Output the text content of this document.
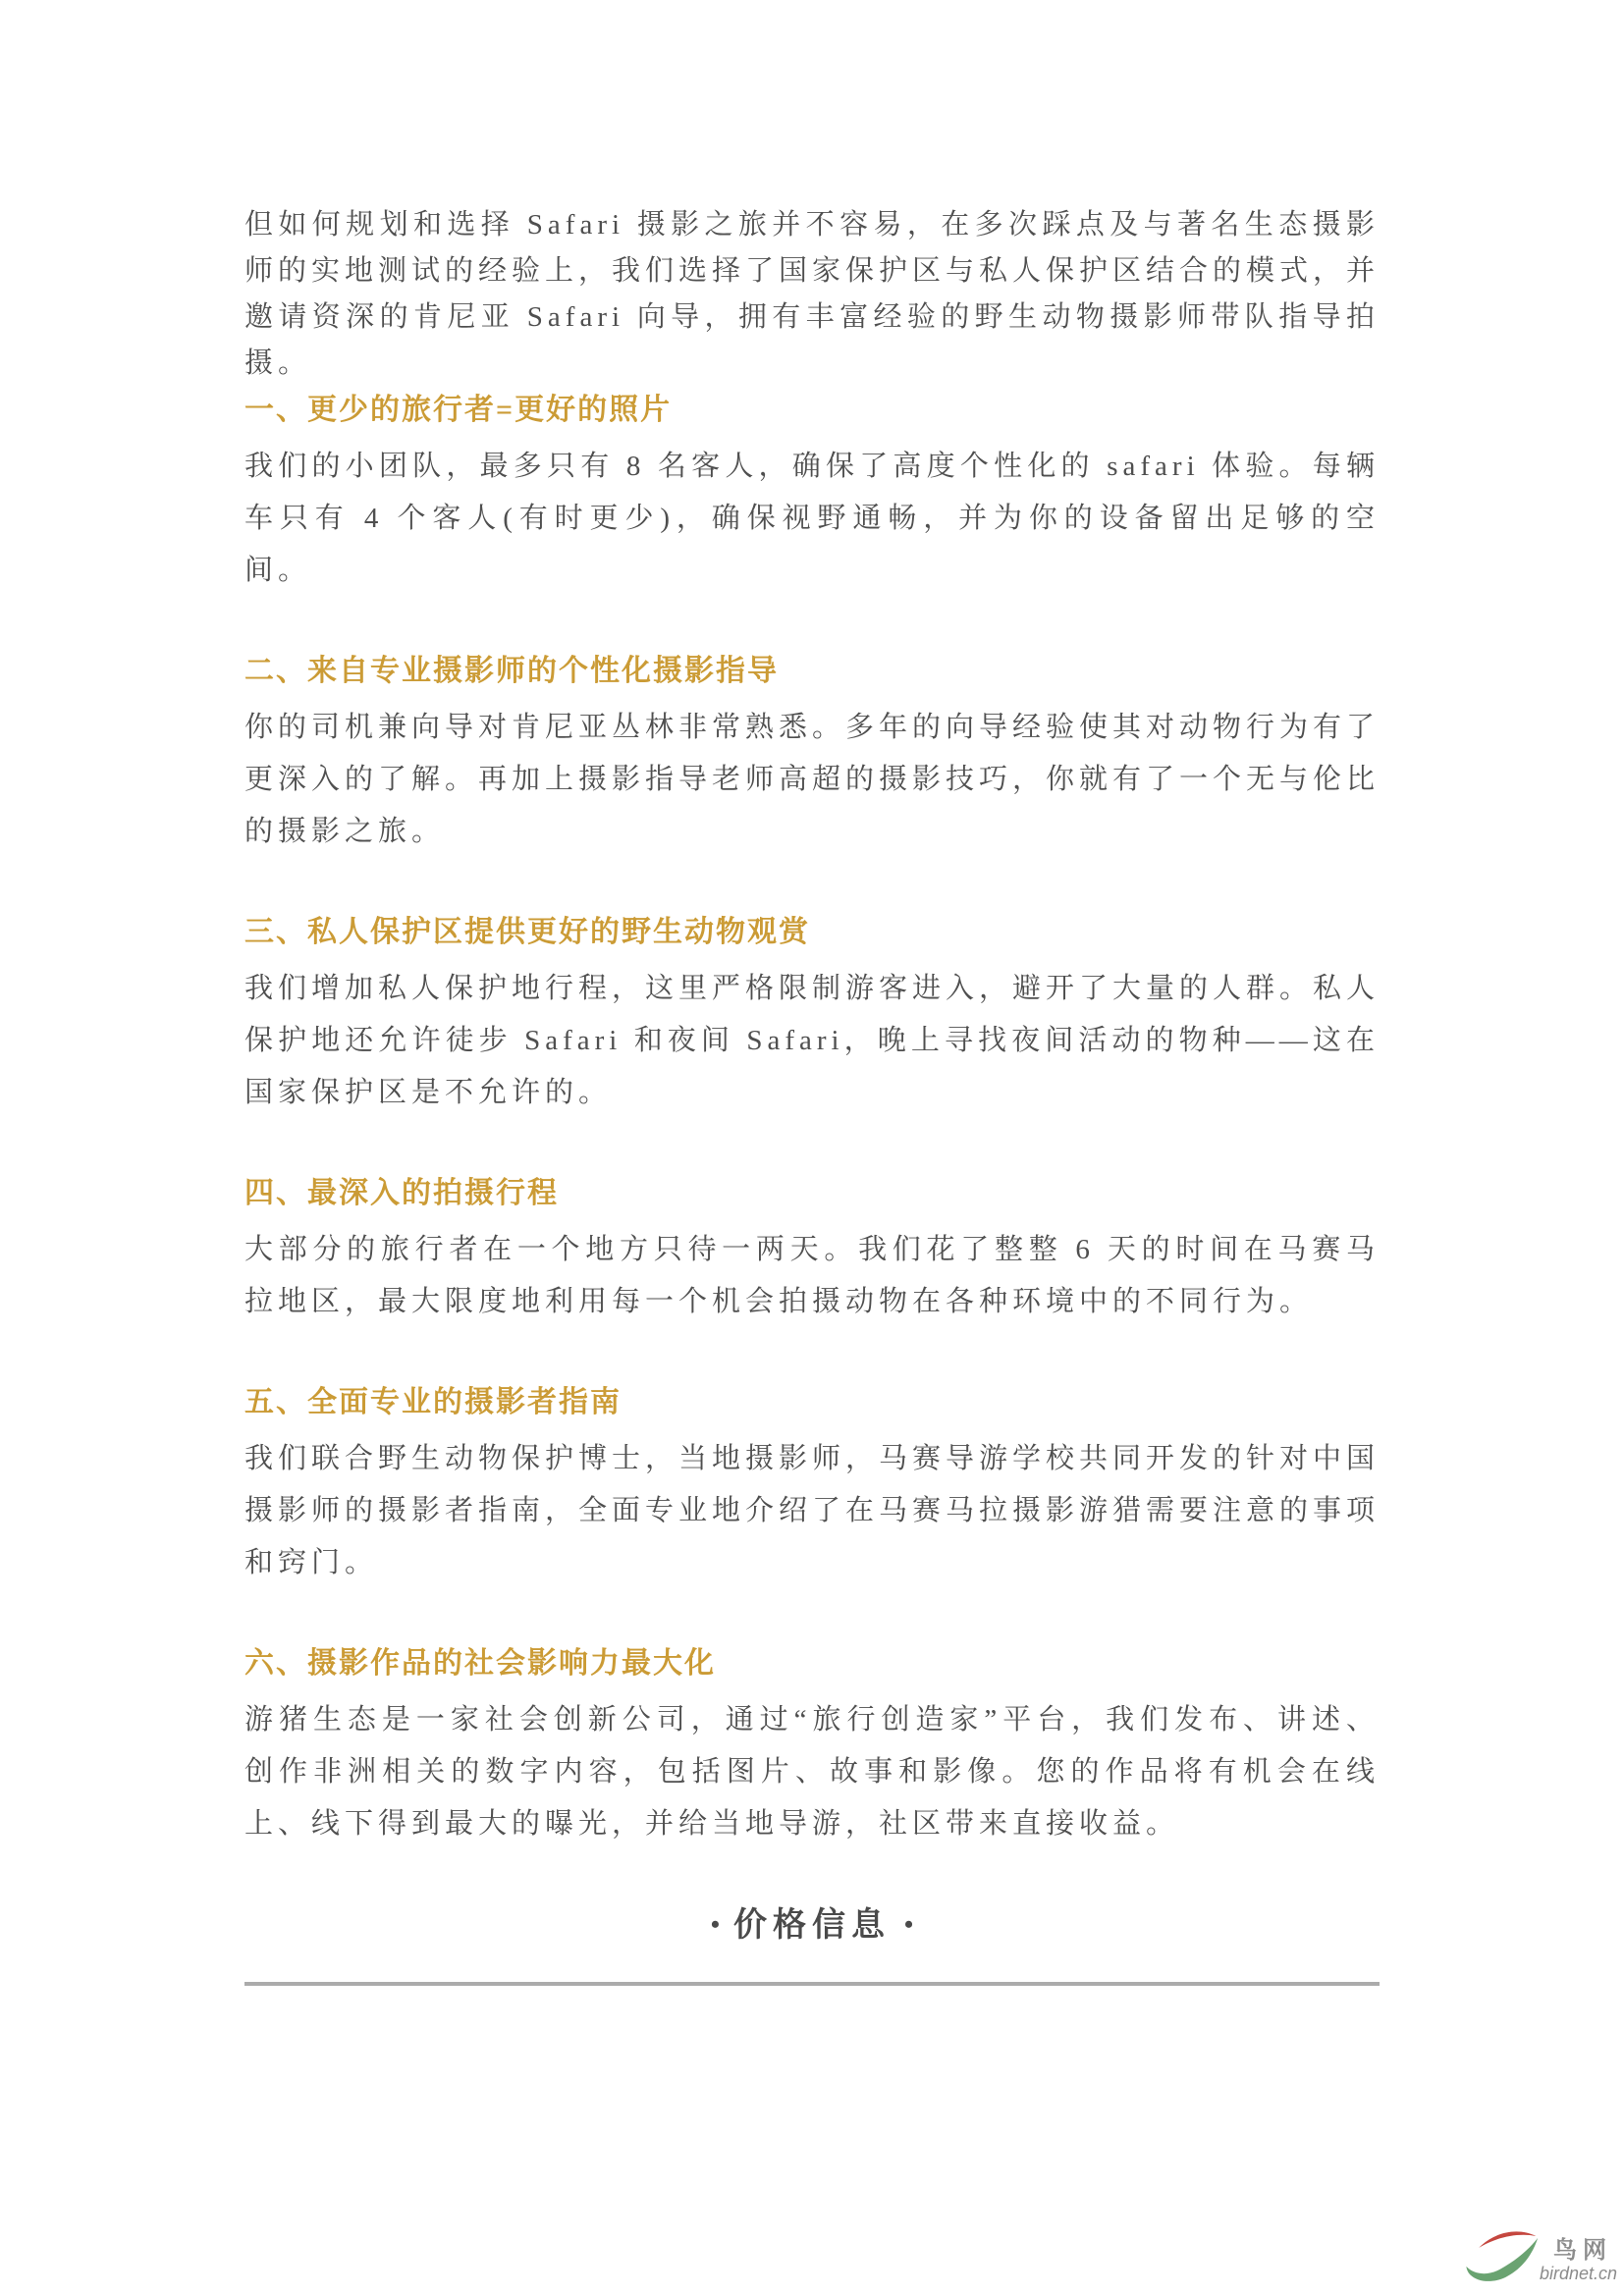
但如何规划和选择 Safari 摄影之旅并不容易，在多次踩点及与著名生态摄影师的实地测试的经验上，我们选择了国家保护区与私人保护区结合的模式，并邀请资深的肯尼亚 Safari 向导，拥有丰富经验的野生动物摄影师带队指导拍摄。

一、更少的旅行者=更好的照片

我们的小团队，最多只有 8 名客人，确保了高度个性化的 safari 体验。每辆车只有 4 个客人(有时更少)，确保视野通畅，并为你的设备留出足够的空间。

二、来自专业摄影师的个性化摄影指导

你的司机兼向导对肯尼亚丛林非常熟悉。多年的向导经验使其对动物行为有了更深入的了解。再加上摄影指导老师高超的摄影技巧，你就有了一个无与伦比的摄影之旅。

三、私人保护区提供更好的野生动物观赏

我们增加私人保护地行程，这里严格限制游客进入，避开了大量的人群。私人保护地还允许徒步 Safari 和夜间 Safari，晚上寻找夜间活动的物种——这在国家保护区是不允许的。

四、最深入的拍摄行程

大部分的旅行者在一个地方只待一两天。我们花了整整 6 天的时间在马赛马拉地区，最大限度地利用每一个机会拍摄动物在各种环境中的不同行为。

五、全面专业的摄影者指南

我们联合野生动物保护博士，当地摄影师，马赛导游学校共同开发的针对中国摄影师的摄影者指南，全面专业地介绍了在马赛马拉摄影游猎需要注意的事项和窍门。

六、摄影作品的社会影响力最大化

游猪生态是一家社会创新公司，通过“旅行创造家”平台，我们发布、讲述、创作非洲相关的数字内容，包括图片、故事和影像。您的作品将有机会在线上、线下得到最大的曝光，并给当地导游，社区带来直接收益。

• 价格信息 •
鸟网
birdnet.cn
